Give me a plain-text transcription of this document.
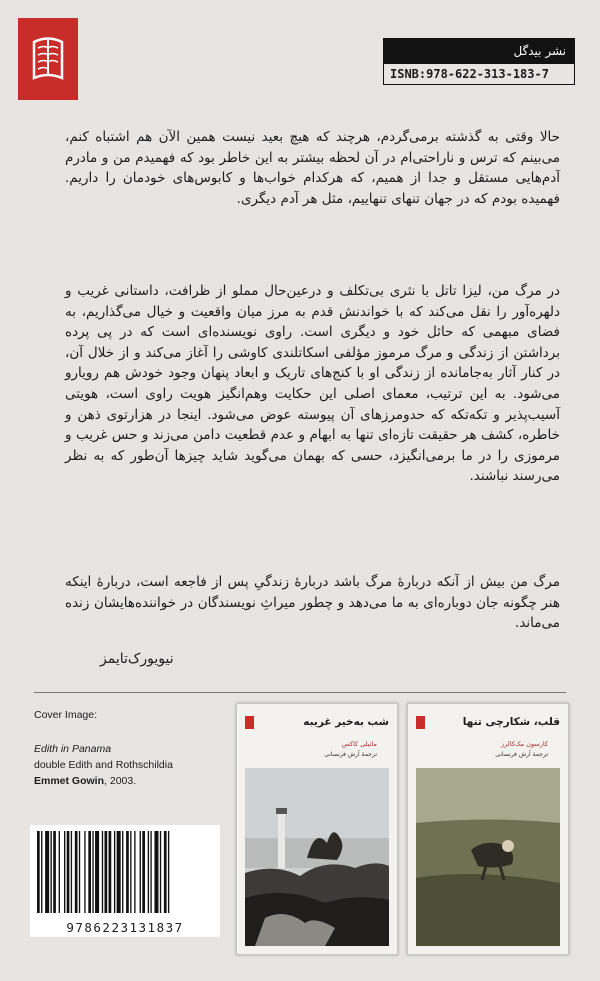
نشر بیدگل
ISNB:978-622-313-183-7
حالا وقتی به گذشته برمی‌گردم، هرچند که هیچ بعید نیست همین الآن هم اشتباه کنم، می‌بینم که ترس و ناراحتی‌ام در آن لحظه بیشتر به این خاطر بود که فهمیدم من و مادرم آدم‌هایی مستقل و جدا از همیم، که هرکدام خواب‌ها و کابوس‌های خودمان را داریم. فهمیده بودم که در جهان تنهای تنهاییم، مثل هر آدم دیگری.
در مرگ من، لیزا تاتل با نثری بی‌تکلف و درعین‌حال مملو از ظرافت، داستانی غریب و دلهره‌آور را نقل می‌کند که با خواندنش قدم به مرز میان واقعیت و خیال می‌گذاریم، به فضای مبهمی که حائل خود و دیگری است. راوی نویسنده‌ای است که در پی پرده برداشتن از زندگی و مرگ مرموز مؤلفی اسکاتلندی کاوشی را آغاز می‌کند و از خلال آن، در کنار آثار به‌جامانده از زندگی او با کنج‌های تاریک و ابعاد پنهان وجود خودش هم رویارو می‌شود. به این ترتیب، معمای اصلی این حکایت وهم‌انگیز هویت راوی است، هویتی آسیب‌پذیر و تکه‌تکه که حدومرزهای آن پیوسته عوض می‌شود. اینجا در هزارتوی ذهن و خاطره، کشف هر حقیقت تازه‌ای تنها به ابهام و عدم قطعیت دامن می‌زند و حس غریب و مرموزی را در ما برمی‌انگیزد، حسی که بهمان می‌گوید شاید چیزها آن‌طور که به نظر می‌رسند نباشند.
مرگ من بیش از آنکه دربارهٔ مرگ باشد دربارهٔ زندگیِ پس از فاجعه است، دربارهٔ اینکه هنر چگونه جان دوباره‌ای به ما می‌دهد و چطور میراثِ نویسندگان در خواننده‌هایشان زنده می‌ماند.
نیویورک‌تایمز
Cover Image:
Edith in Panama
double Edith and Rothschildia
Emmet Gowin, 2003.
9786223131837
شب به‌خیر غریبه
مائیلی کاکس
ترجمهٔ آرش فرنسانی
قلب، شکارچی تنها
کارسون مک‌کالرز
ترجمهٔ آرش فرنسانی
